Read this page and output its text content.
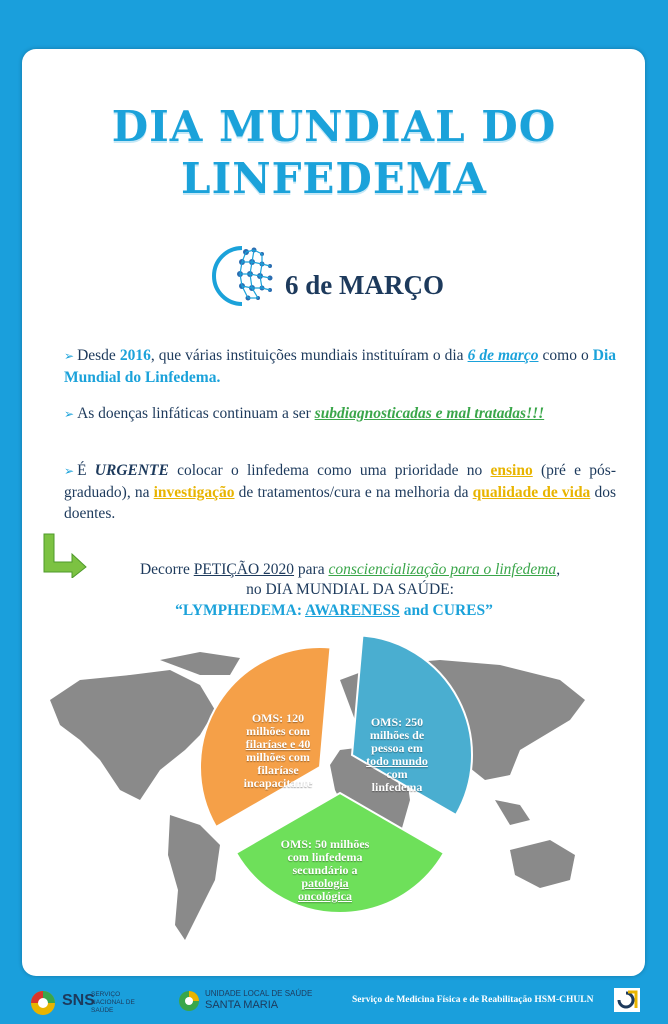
DIA MUNDIAL DO
LINFEDEMA
6 de MARÇO
➢ Desde 2016, que várias instituições mundiais instituíram o dia 6 de março como o Dia Mundial do Linfedema.
➢ As doenças linfáticas continuam a ser subdiagnosticadas e mal tratadas!!!
➢ É URGENTE colocar o linfedema como uma prioridade no ensino (pré e pós-graduado), na investigação de tratamentos/cura e na melhoria da qualidade de vida dos doentes.
Decorre PETIÇÃO 2020 para consciencialização para o linfedema,
no DIA MUNDIAL DA SAÚDE:
“LYMPHEDEMA: AWARENESS and CURES”
OMS: 250
milhões de
pessoa em
todo mundo
com
linfedema
OMS: 50 milhões
com linfedema
secundário a
patologia
oncológica
OMS: 120
milhões com
filaríase e 40
milhões com
filaríase
incapacitante
SNS
SERVIÇO NACIONAL DE SAÚDE
UNIDADE LOCAL DE SAÚDE
SANTA MARIA	Serviço de Medicina Física e de Reabilitação HSM-CHULN
